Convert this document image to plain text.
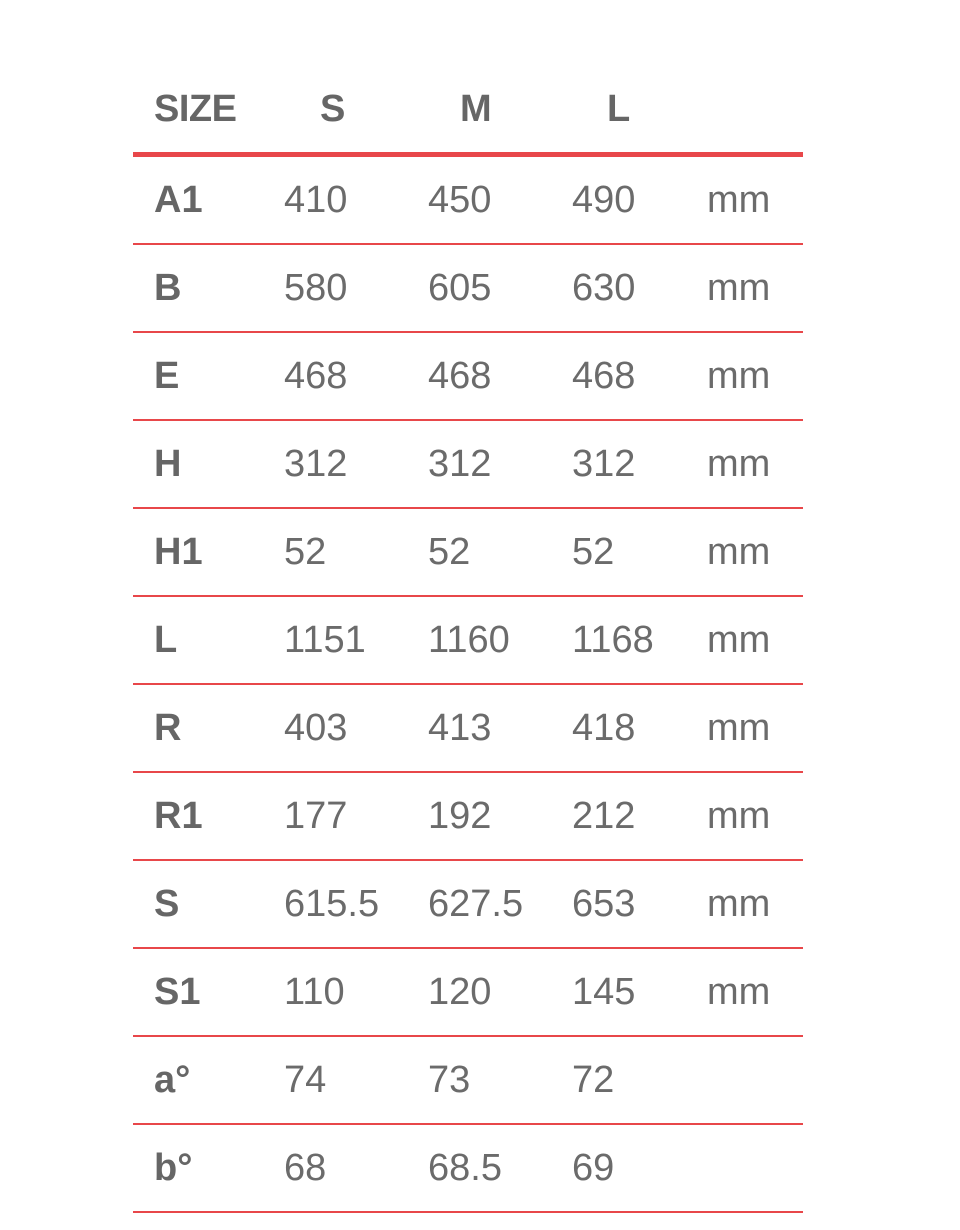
SIZE S	M	L
A1 410 450 490 mm
B	580 605 630 mm
E	468 468 468 mm
H	312 312 312 mm
H1 52	52	52 mm
L	1151 1160 1168 mm
R	403 413 418 mm
R1 177 192 212 mm
S	615.5 627.5 653 mm
S1 110 120 145 mm
a° 74	73	72
b° 68	68.5 69
